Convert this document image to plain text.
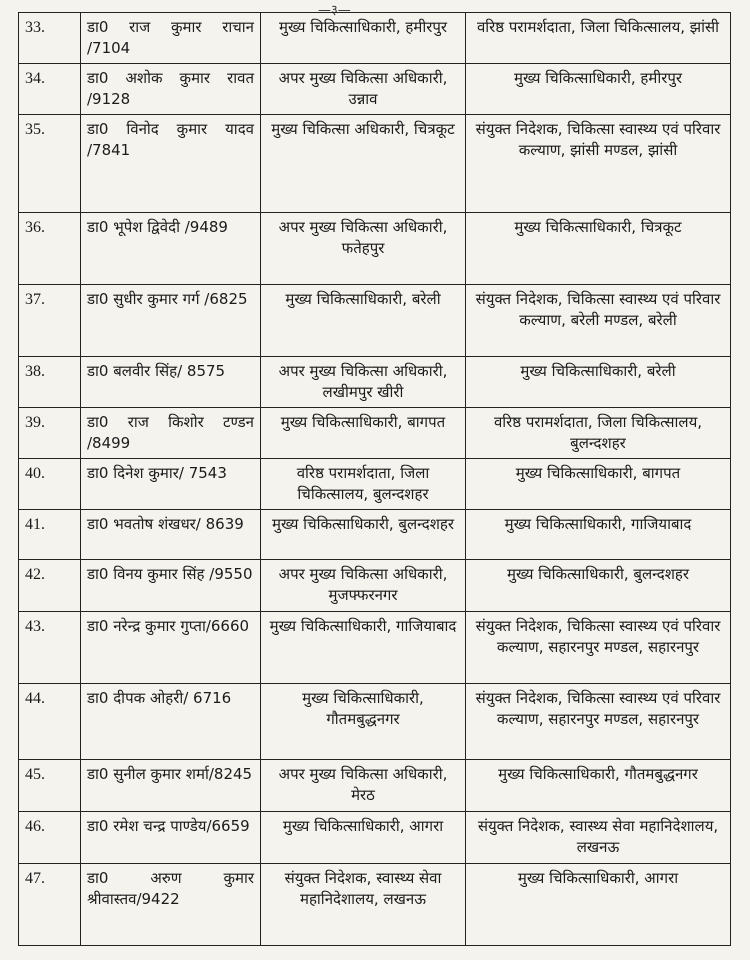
—३—
33.	डा0 राज कुमार राचान /7104	मुख्य चिकित्साधिकारी, हमीरपुर	वरिष्ठ परामर्शदाता, जिला चिकित्सालय, झांसी
34.	डा0 अशोक कुमार रावत /9128	अपर मुख्य चिकित्सा अधिकारी, उन्नाव	मुख्य चिकित्साधिकारी, हमीरपुर
35.	डा0 विनोद कुमार यादव /7841	मुख्य चिकित्सा अधिकारी, चित्रकूट	संयुक्त निदेशक, चिकित्सा स्वास्थ्य एवं परिवार कल्याण, झांसी मण्डल, झांसी
36.	डा0 भूपेश द्विवेदी /9489	अपर मुख्य चिकित्सा अधिकारी, फतेहपुर	मुख्य चिकित्साधिकारी, चित्रकूट
37.	डा0 सुधीर कुमार गर्ग /6825	मुख्य चिकित्साधिकारी, बरेली	संयुक्त निदेशक, चिकित्सा स्वास्थ्य एवं परिवार कल्याण, बरेली मण्डल, बरेली
38.	डा0 बलवीर सिंह/ 8575	अपर मुख्य चिकित्सा अधिकारी, लखीमपुर खीरी	मुख्य चिकित्साधिकारी, बरेली
39.	डा0 राज किशोर टण्डन /8499	मुख्य चिकित्साधिकारी, बागपत	वरिष्ठ परामर्शदाता, जिला चिकित्सालय, बुलन्दशहर
40.	डा0 दिनेश कुमार/ 7543	वरिष्ठ परामर्शदाता, जिला चिकित्सालय, बुलन्दशहर	मुख्य चिकित्साधिकारी, बागपत
41.	डा0 भवतोष शंखधर/ 8639	मुख्य चिकित्साधिकारी, बुलन्दशहर	मुख्य चिकित्साधिकारी, गाजियाबाद
42.	डा0 विनय कुमार सिंह /9550	अपर मुख्य चिकित्सा अधिकारी, मुजफ्फरनगर	मुख्य चिकित्साधिकारी, बुलन्दशहर
43.	डा0 नरेन्द्र कुमार गुप्ता/6660	मुख्य चिकित्साधिकारी, गाजियाबाद	संयुक्त निदेशक, चिकित्सा स्वास्थ्य एवं परिवार कल्याण, सहारनपुर मण्डल, सहारनपुर
44.	डा0 दीपक ओहरी/ 6716	मुख्य चिकित्साधिकारी, गौतमबुद्धनगर	संयुक्त निदेशक, चिकित्सा स्वास्थ्य एवं परिवार कल्याण, सहारनपुर मण्डल, सहारनपुर
45.	डा0 सुनील कुमार शर्मा/8245	अपर मुख्य चिकित्सा अधिकारी, मेरठ	मुख्य चिकित्साधिकारी, गौतमबुद्धनगर
46.	डा0 रमेश चन्द्र पाण्डेय/6659	मुख्य चिकित्साधिकारी, आगरा	संयुक्त निदेशक, स्वास्थ्य सेवा महानिदेशालय, लखनऊ
47.	डा0 अरुण कुमार श्रीवास्तव/9422	संयुक्त निदेशक, स्वास्थ्य सेवा महानिदेशालय, लखनऊ	मुख्य चिकित्साधिकारी, आगरा
